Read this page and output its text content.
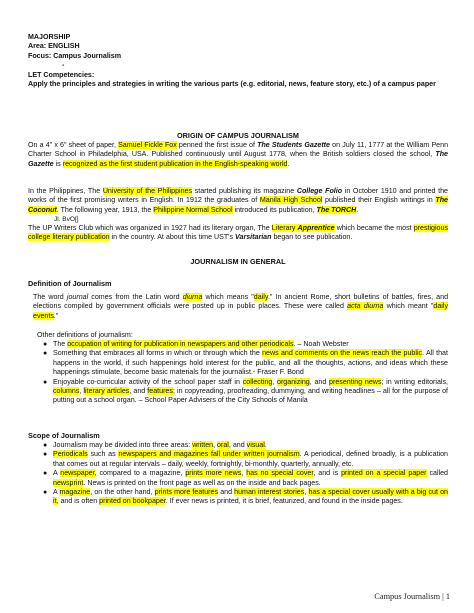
MAJORSHIP
Area: ENGLISH
Focus: Campus Journalism
-
LET Competencies:
Apply the principles and strategies in writing the various parts (e.g. editorial, news, feature story, etc.) of a campus paper
ORIGIN OF CAMPUS JOURNALISM
On a 4" x 6" sheet of paper, Samuel Fickle Fox penned the first issue of The Students Gazette on July 11, 1777 at the William Penn Charter School in Philadelphia, USA. Published continuously until August 1778, when the British soldiers closed the school, The Gazette is recognized as the first student publication in the English-speaking world.
In the Philippines, The University of the Philippines started publishing its magazine College Folio in October 1910 and printed the works of the first promising writers in English. In 1912 the graduates of Manila High School published their English writings in The Coconut. The following year, 1913, the Philippine Normal School introduced its publication, The TORCH.
Jl. BvO[]
The UP Writers Club which was organized in 1927 had its literary organ, The Literary Apprentice which became the most prestigious college literary publication in the country. At about this time UST's Varsitarian began to see publication.
JOURNALISM IN GENERAL
Definition of Journalism
The word journal comes from the Latin word diurna which means "daily." In ancient Rome, short bulletins of battles, fires, and elections compiled by government officials were posted up in public places. These were called acta diurna which meant "daily events."
Other definitions of journalism:
● The occupation of writing for publication in newspapers and other periodicals. – Noah Webster
● Something that embraces all forms in which or through which the news and comments on the news reach the public. All that happens in the world, if such happenings hold interest for the public, and all the thoughts, actions, and ideas which these happenings stimulate, become basic materials for the journalist.- Fraser F. Bond
● Enjoyable co-curricular activity of the school paper staff in collecting, organizing, and presenting news; in writing editorials, columns, literary articles, and features; in copyreading, proofreading, dummying, and writing headlines – all for the purpose of putting out a school organ. – School Paper Advisers of the City Schools of Manila
Scope of Journalism
● Journalism may be divided into three areas: written, oral, and visual.
● Periodicals such as newspapers and magazines fall under written journalism. A periodical, defined broadly, is a publication that comes out at regular intervals – daily, weekly, fortnightly, bi-monthly, quarterly, annually, etc.
● A newspaper, compared to a magazine, prints more news, has no special cover, and is printed on a special paper called newsprint. News is printed on the front page as well as on the inside and back pages.
● A magazine, on the other hand, prints more features and human interest stories, has a special cover usually with a big cut on it, and is often printed on bookpaper. If ever news is printed, it is brief, featurized, and found in the inside pages.
Campus Journalism | 1
